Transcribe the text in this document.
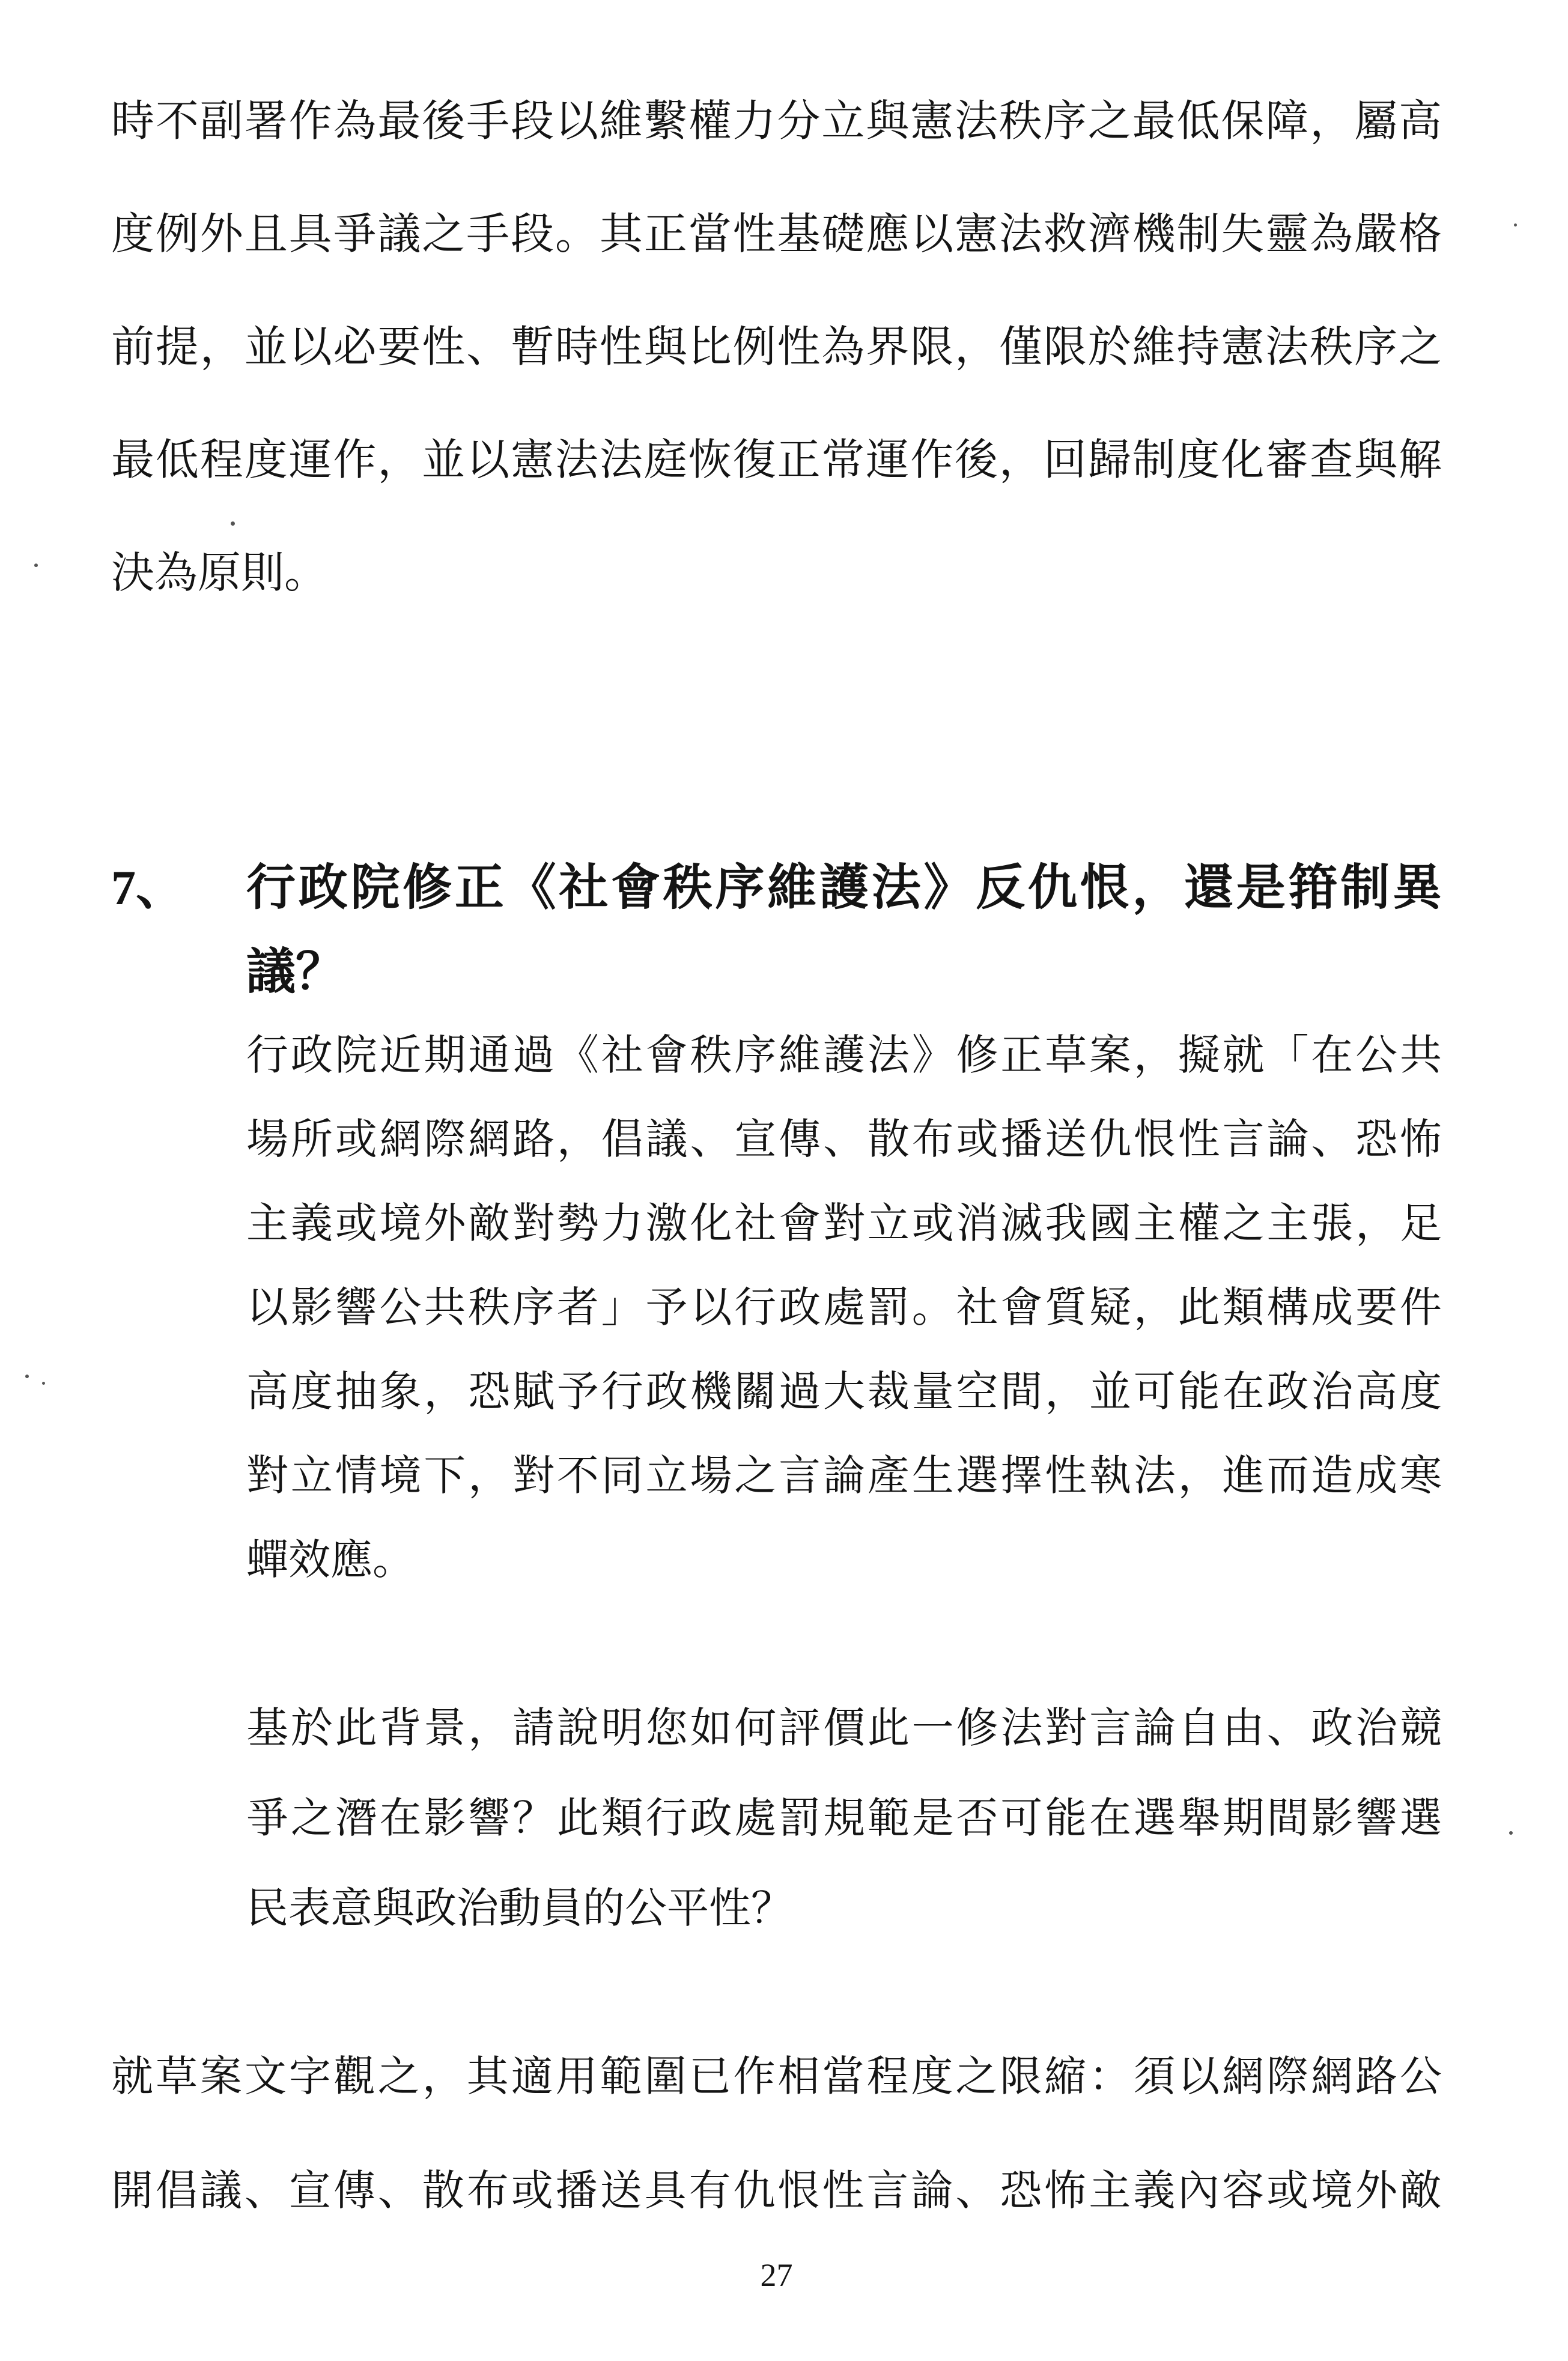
時不副署作為最後手段以維繫權力分立與憲法秩序之最低保障，屬高
度例外且具爭議之手段。其正當性基礎應以憲法救濟機制失靈為嚴格
前提，並以必要性、暫時性與比例性為界限，僅限於維持憲法秩序之
最低程度運作，並以憲法法庭恢復正常運作後，回歸制度化審查與解
決為原則。
7、	行政院修正《社會秩序維護法》反仇恨，還是箝制異
議？
行政院近期通過《社會秩序維護法》修正草案，擬就「在公共
場所或網際網路，倡議、宣傳、散布或播送仇恨性言論、恐怖
主義或境外敵對勢力激化社會對立或消滅我國主權之主張，足
以影響公共秩序者」予以行政處罰。社會質疑，此類構成要件
高度抽象，恐賦予行政機關過大裁量空間，並可能在政治高度
對立情境下，對不同立場之言論產生選擇性執法，進而造成寒
蟬效應。
基於此背景，請說明您如何評價此一修法對言論自由、政治競
爭之潛在影響？此類行政處罰規範是否可能在選舉期間影響選
民表意與政治動員的公平性？
就草案文字觀之，其適用範圍已作相當程度之限縮：須以網際網路公
開倡議、宣傳、散布或播送具有仇恨性言論、恐怖主義內容或境外敵
27
